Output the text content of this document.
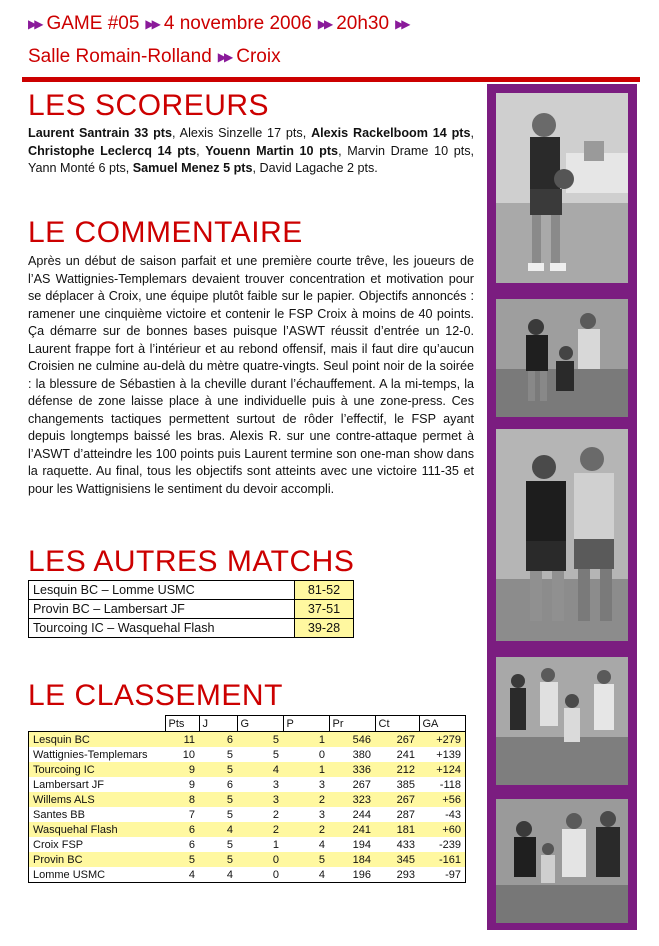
▶▶ GAME #05 ▶▶ 4 novembre 2006 ▶▶ 20h30 ▶▶
Salle Romain-Rolland ▶▶ Croix
LES SCOREURS
Laurent Santrain 33 pts, Alexis Sinzelle 17 pts, Alexis Rackelboom 14 pts, Christophe Leclercq 14 pts, Youenn Martin 10 pts, Marvin Drame 10 pts, Yann Monté 6 pts, Samuel Menez 5 pts, David Lagache 2 pts.
LE COMMENTAIRE
Après un début de saison parfait et une première courte trêve, les joueurs de l’AS Wattignies-Templemars devaient trouver concentration et motivation pour se déplacer à Croix, une équipe plutôt faible sur le papier. Objectifs annoncés : ramener une cinquième victoire et contenir le FSP Croix à moins de 40 points. Ça démarre sur de bonnes bases puisque l’ASWT réussit d’entrée un 12-0. Laurent frappe fort à l’intérieur et au rebond offensif, mais il faut dire qu’aucun Croisien ne culmine au-delà du mètre quatre-vingts. Seul point noir de la soirée : la blessure de Sébastien à la cheville durant l’échauffement. A la mi-temps, la défense de zone laisse place à une individuelle puis à une zone-press. Ces changements tactiques permettent surtout de rôder l’effectif, le FSP ayant depuis longtemps baissé les bras. Alexis R. sur une contre-attaque permet à l’ASWT d’atteindre les 100 points puis Laurent termine son one-man show dans la raquette. Au final, tous les objectifs sont atteints avec une victoire 111-35 et pour les Wattignisiens le sentiment du devoir accompli.
LES AUTRES MATCHS
Lesquin BC – Lomme USMC	81-52
Provin BC – Lambersart JF	37-51
Tourcoing IC – Wasquehal Flash	39-28
LE CLASSEMENT
	Pts	J	G	P	Pr	Ct	GA
Lesquin BC	11	6	5	1	546	267	+279
Wattignies-Templemars	10	5	5	0	380	241	+139
Tourcoing IC	9	5	4	1	336	212	+124
Lambersart JF	9	6	3	3	267	385	-118
Willems ALS	8	5	3	2	323	267	+56
Santes BB	7	5	2	3	244	287	-43
Wasquehal Flash	6	4	2	2	241	181	+60
Croix FSP	6	5	1	4	194	433	-239
Provin BC	5	5	0	5	184	345	-161
Lomme USMC	4	4	0	4	196	293	-97
